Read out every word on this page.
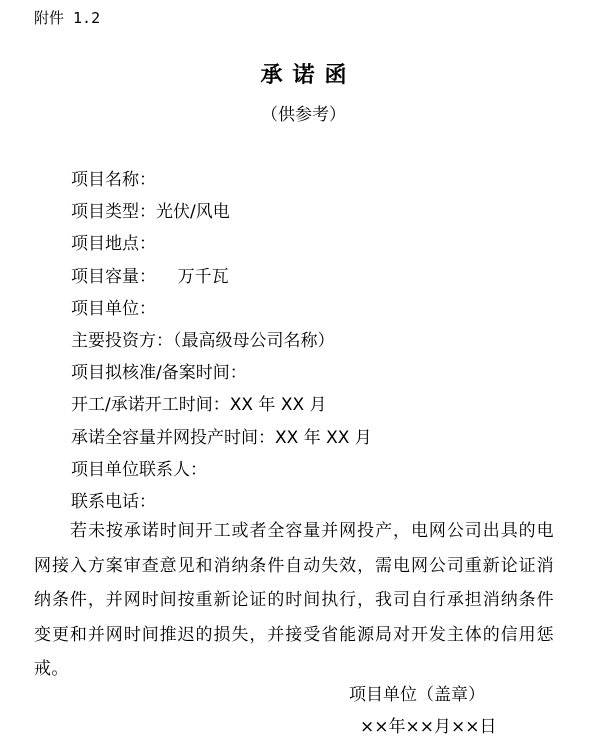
附件 1.2
承诺函
（供参考）
项目名称：
项目类型：光伏/风电
项目地点：
项目容量：    万千瓦
项目单位：
主要投资方：（最高级母公司名称）
项目拟核准/备案时间：
开工/承诺开工时间：XX 年 XX 月
承诺全容量并网投产时间：XX 年 XX 月
项目单位联系人：
联系电话：

若未按承诺时间开工或者全容量并网投产，电网公司出具的电网接入方案审查意见和消纳条件自动失效，需电网公司重新论证消纳条件，并网时间按重新论证的时间执行，我司自行承担消纳条件变更和并网时间推迟的损失，并接受省能源局对开发主体的信用惩戒。

项目单位（盖章）
××年××月××日
